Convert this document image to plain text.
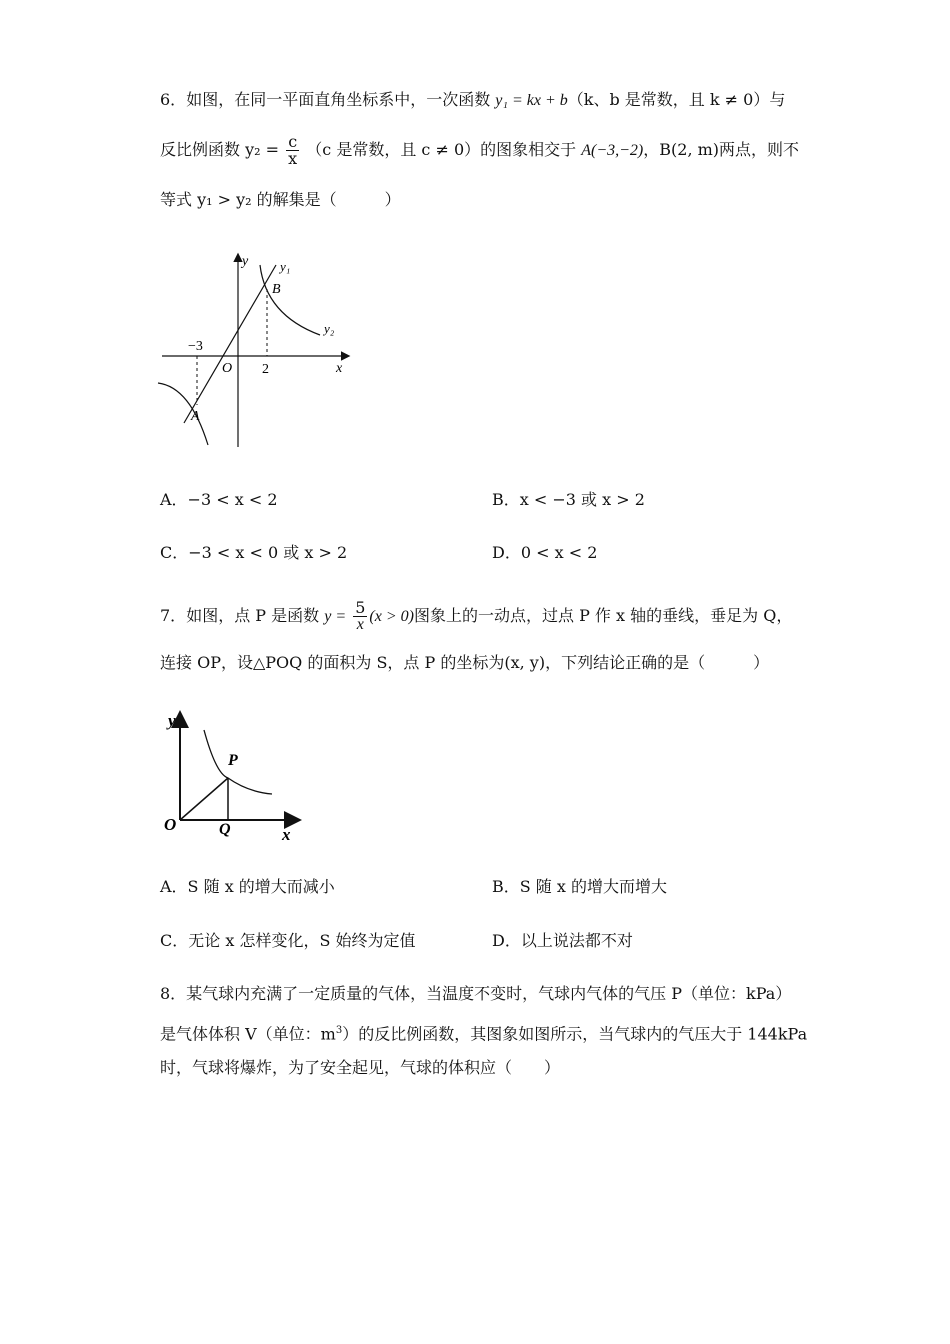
6．如图，在同一平面直角坐标系中，一次函数 y₁ = kx + b（k、b 是常数，且 k ≠ 0）与
反比例函数 $y_2 = \frac{c}{x} (c$ 是常数，且 c ≠ 0）的图象相交于 A(−3,−2)，B(2, m)两点，则不
等式 y₁ > y₂ 的解集是（　　　）
y
x
O
−3
2
B
A
y₁
y₂
A．−3 < x < 2	B．x < −3 或 x > 2
C．−3 < x < 0 或 x > 2	D．0 < x < 2
7．如图，点 P 是函数 $y = \frac{5}{x} (x > 0)$图象上的一动点，过点 P 作 x 轴的垂线，垂足为 Q，
连接 OP，设△POQ 的面积为 S，点 P 的坐标为(x, y)，下列结论正确的是（　　　）
y
x
O
P
Q
A．S 随 x 的增大而减小	B．S 随 x 的增大而增大
C．无论 x 怎样变化，S 始终为定值	D．以上说法都不对
8．某气球内充满了一定质量的气体，当温度不变时，气球内气体的气压 P（单位：kPa）
是气体体积 V（单位：$m^3$）的反比例函数，其图象如图所示，当气球内的气压大于 144kPa
时，气球将爆炸，为了安全起见，气球的体积应（　　）
